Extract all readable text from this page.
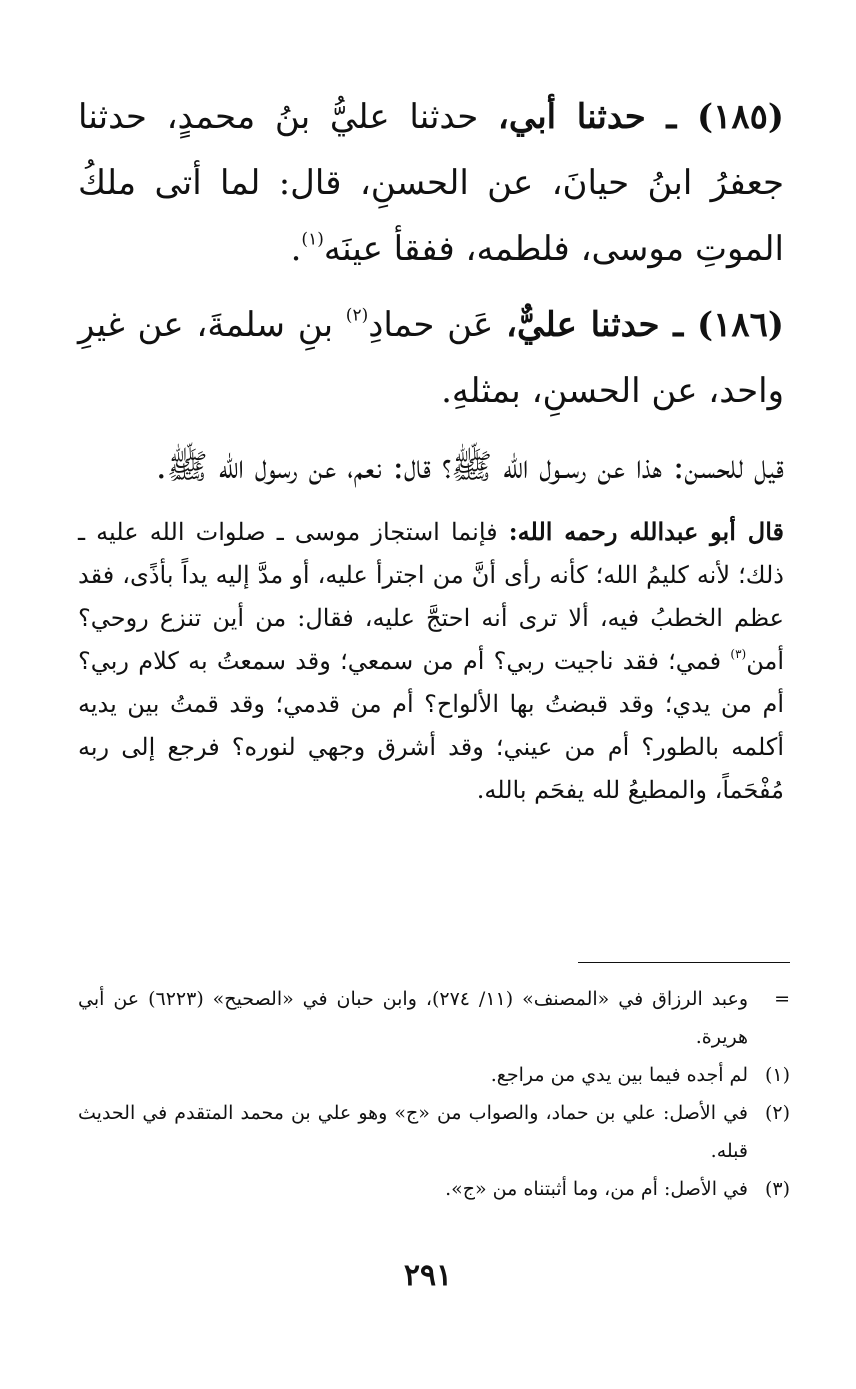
(١٨٥) ـ حدثنا أبي، حدثنا عليُّ بنُ محمدٍ، حدثنا جعفرُ ابنُ حيانَ، عن الحسنِ، قال: لما أتى ملكُ الموتِ موسى، فلطمه، ففقأ عينَه$^{(١)}$.

(١٨٦) ـ حدثنا عليٌّ، عَن حمادِ$^{(٢)}$ بنِ سلمةَ، عن غيرِ واحد، عن الحسنِ، بمثلهِ.

قيل للحسن: هذا عن رسـول الله ﷺ؟ قال: نعم، عن رسول الله ﷺ.

قال أبو عبدالله رحمه الله: فإنما استجاز موسى ـ صلوات الله عليه ـ ذلك؛ لأنه كليمُ الله؛ كأنه رأى أنَّ من اجترأ عليه، أو مدَّ إليه يداً بأذًى، فقد عظم الخطبُ فيه، ألا ترى أنه احتجَّ عليه، فقال: من أين تنزع روحي؟ أمن$^{(٣)}$ فمي؛ فقد ناجيت ربي؟ أم من سمعي؛ وقد سمعتُ به كلام ربي؟ أم من يدي؛ وقد قبضتُ بها الألواح؟ أم من قدمي؛ وقد قمتُ بين يديه أكلمه بالطور؟ أم من عيني؛ وقد أشرق وجهي لنوره؟ فرجع إلى ربه مُفْحَماً، والمطيعُ لله يفحَم بالله.

=
وعبد الرزاق في «المصنف» (١١/ ٢٧٤)، وابن حبان في «الصحيح» (٦٢٢٣) عن أبي هريرة.
(١)
لم أجده فيما بين يدي من مراجع.
(٢)
في الأصل: علي بن حماد، والصواب من «ج» وهو علي بن محمد المتقدم في الحديث قبله.
(٣)
في الأصل: أم من، وما أثبتناه من «ج».
٢٩١
